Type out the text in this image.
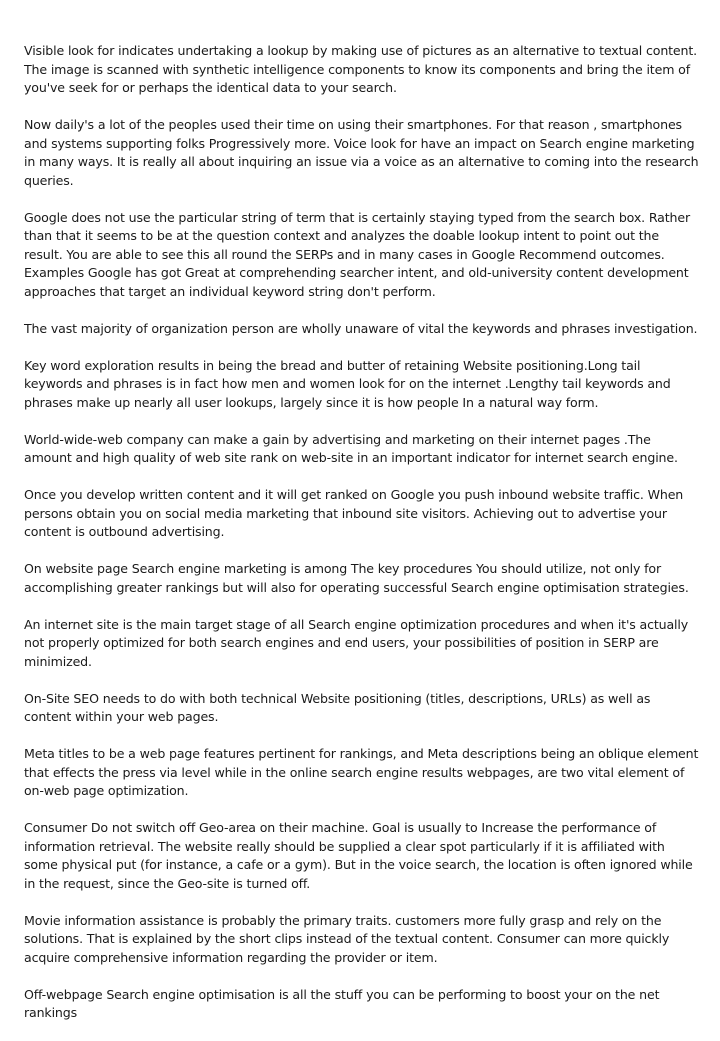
Visible look for indicates undertaking a lookup by making use of pictures as an alternative to textual content. The image is scanned with synthetic intelligence components to know its components and bring the item of you've seek for or perhaps the identical data to your search.

Now daily's a lot of the peoples used their time on using their smartphones. For that reason , smartphones and systems supporting folks Progressively more. Voice look for have an impact on Search engine marketing in many ways. It is really all about inquiring an issue via a voice as an alternative to coming into the research queries.

Google does not use the particular string of term that is certainly staying typed from the search box. Rather than that it seems to be at the question context and analyzes the doable lookup intent to point out the result. You are able to see this all round the SERPs and in many cases in Google Recommend outcomes. Examples Google has got Great at comprehending searcher intent, and old-university content development approaches that target an individual keyword string don't perform.

The vast majority of organization person are wholly unaware of vital the keywords and phrases investigation.

Key word exploration results in being the bread and butter of retaining Website positioning.Long tail keywords and phrases is in fact how men and women look for on the internet .Lengthy tail keywords and phrases make up nearly all user lookups, largely since it is how people In a natural way form.

World-wide-web company can make a gain by advertising and marketing on their internet pages .The amount and high quality of web site rank on web-site in an important indicator for internet search engine.

Once you develop written content and it will get ranked on Google you push inbound website traffic. When persons obtain you on social media marketing that inbound site visitors. Achieving out to advertise your content is outbound advertising.

On website page Search engine marketing is among The key procedures You should utilize, not only for accomplishing greater rankings but will also for operating successful Search engine optimisation strategies.

An internet site is the main target stage of all Search engine optimization procedures and when it's actually not properly optimized for both search engines and end users, your possibilities of position in SERP are minimized.

On-Site SEO needs to do with both technical Website positioning (titles, descriptions, URLs) as well as content within your web pages.

Meta titles to be a web page features pertinent for rankings, and Meta descriptions being an oblique element that effects the press via level while in the online search engine results webpages, are two vital element of on-web page optimization.

Consumer Do not switch off Geo-area on their machine. Goal is usually to Increase the performance of information retrieval. The website really should be supplied a clear spot particularly if it is affiliated with some physical put (for instance, a cafe or a gym). But in the voice search, the location is often ignored while in the request, since the Geo-site is turned off.

Movie information assistance is probably the primary traits. customers more fully grasp and rely on the solutions. That is explained by the short clips instead of the textual content. Consumer can more quickly acquire comprehensive information regarding the provider or item.

Off-webpage Search engine optimisation is all the stuff you can be performing to boost your on the net rankings
